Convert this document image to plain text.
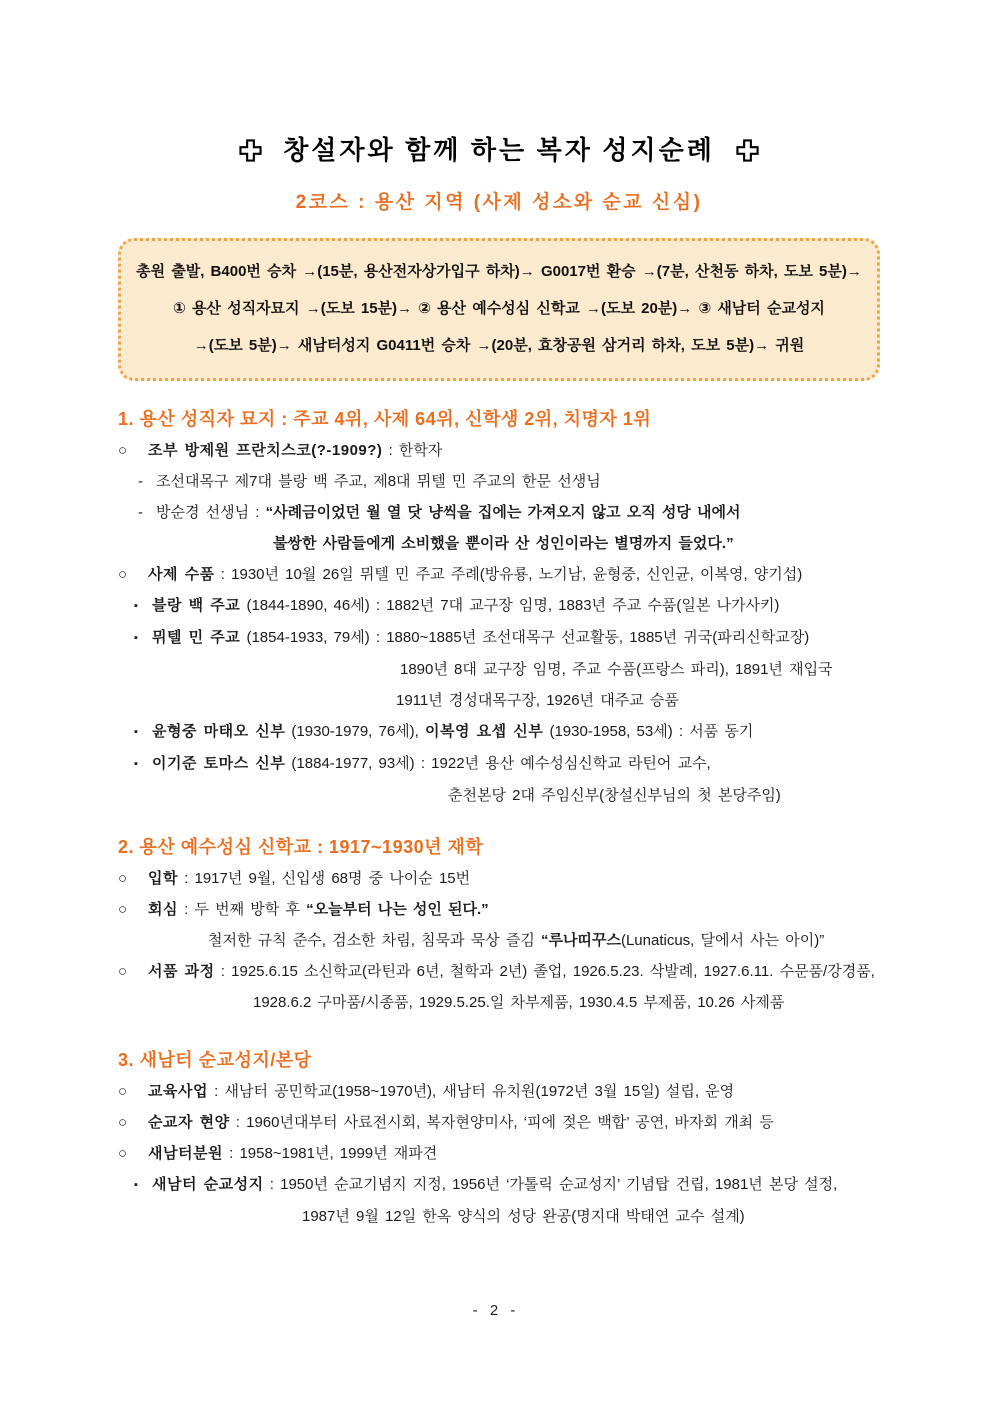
창설자와 함께 하는 복자 성지순례
2코스 : 용산 지역 (사제 성소와 순교 신심)
총원 출발, B400번 승차 →(15분, 용산전자상가입구 하차)→ G0017번 환승 →(7분, 산천동 하차, 도보 5분)→
① 용산 성직자묘지 →(도보 15분)→ ② 용산 예수성심 신학교 →(도보 20분)→ ③ 새남터 순교성지
→(도보 5분)→ 새남터성지 G0411번 승차 →(20분, 효창공원 삼거리 하차, 도보 5분)→ 귀원
1. 용산 성직자 묘지 : 주교 4위, 사제 64위, 신학생 2위, 치명자 1위
○ 조부 방제원 프란치스코(?-1909?) : 한학자
- 조선대목구 제7대 블랑 백 주교, 제8대 뮈텔 민 주교의 한문 선생님
- 방순경 선생님 : “사례금이었던 월 열 닷 냥씩을 집에는 가져오지 않고 오직 성당 내에서
불쌍한 사람들에게 소비했을 뿐이라 산 성인이라는 별명까지 들었다.”
○ 사제 수품 : 1930년 10월 26일 뮈텔 민 주교 주례(방유룡, 노기남, 윤형중, 신인균, 이복영, 양기섭)
▪ 블랑 백 주교 (1844-1890, 46세) : 1882년 7대 교구장 임명, 1883년 주교 수품(일본 나가사키)
▪ 뮈텔 민 주교 (1854-1933, 79세) : 1880~1885년 조선대목구 선교활동, 1885년 귀국(파리신학교장)
1890년 8대 교구장 임명, 주교 수품(프랑스 파리), 1891년 재입국
1911년 경성대목구장, 1926년 대주교 승품
▪ 윤형중 마태오 신부 (1930-1979, 76세), 이복영 요셉 신부 (1930-1958, 53세) : 서품 동기
▪ 이기준 토마스 신부 (1884-1977, 93세) : 1922년 용산 예수성심신학교 라틴어 교수,
춘천본당 2대 주임신부(창설신부님의 첫 본당주임)
2. 용산 예수성심 신학교 : 1917~1930년 재학
○ 입학 : 1917년 9월, 신입생 68명 중 나이순 15번
○ 회심 : 두 번째 방학 후 “오늘부터 나는 성인 된다.”
철저한 규칙 준수, 검소한 차림, 침묵과 묵상 즐김 “루나띠꾸스(Lunaticus, 달에서 사는 아이)”
○ 서품 과정 : 1925.6.15 소신학교(라틴과 6년, 철학과 2년) 졸업, 1926.5.23. 삭발례, 1927.6.11. 수문품/강경품,
1928.6.2 구마품/시종품, 1929.5.25.일 차부제품, 1930.4.5 부제품, 10.26 사제품
3. 새남터 순교성지/본당
○ 교육사업 : 새남터 공민학교(1958~1970년), 새남터 유치원(1972년 3월 15일) 설립, 운영
○ 순교자 현양 : 1960년대부터 사료전시회, 복자현양미사, ‘피에 젖은 백합’ 공연, 바자회 개최 등
○ 새남터분원 : 1958~1981년, 1999년 재파견
▪ 새남터 순교성지 : 1950년 순교기념지 지정, 1956년 ‘가톨릭 순교성지’ 기념탑 건립, 1981년 본당 설정,
1987년 9월 12일 한옥 양식의 성당 완공(명지대 박태연 교수 설계)
- 2 -
